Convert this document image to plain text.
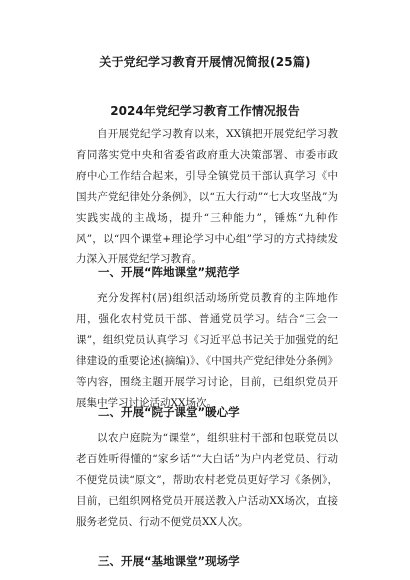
关于党纪学习教育开展情况简报(25篇)
2024年党纪学习教育工作情况报告

自开展党纪学习教育以来，XX镇把开展党纪学习教育同落实党中央和省委省政府重大决策部署、市委市政府中心工作结合起来，引导全镇党员干部认真学习《中国共产党纪律处分条例》，以“五大行动”“七大攻坚战”为实践实战的主战场，提升“三种能力”，锤炼“九种作风”，以“四个课堂+理论学习中心组”学习的方式持续发力深入开展党纪学习教育。

一、开展“阵地课堂”规范学

充分发挥村(居)组织活动场所党员教育的主阵地作用，强化农村党员干部、普通党员学习。结合“三会一课”，组织党员认真学习《习近平总书记关于加强党的纪律建设的重要论述(摘编)》、《中国共产党纪律处分条例》等内容，围绕主题开展学习讨论，目前，已组织党员开展集中学习讨论活动XX场次。

二、开展“院子课堂”暖心学

以农户庭院为“课堂”，组织驻村干部和包联党员以老百姓听得懂的“家乡话”“大白话”为户内老党员、行动不便党员读“原文”，帮助农村老党员更好学习《条例》，目前，已组织网格党员开展送教入户活动XX场次，直接服务老党员、行动不便党员XX人次。

三、开展“基地课堂”现场学
